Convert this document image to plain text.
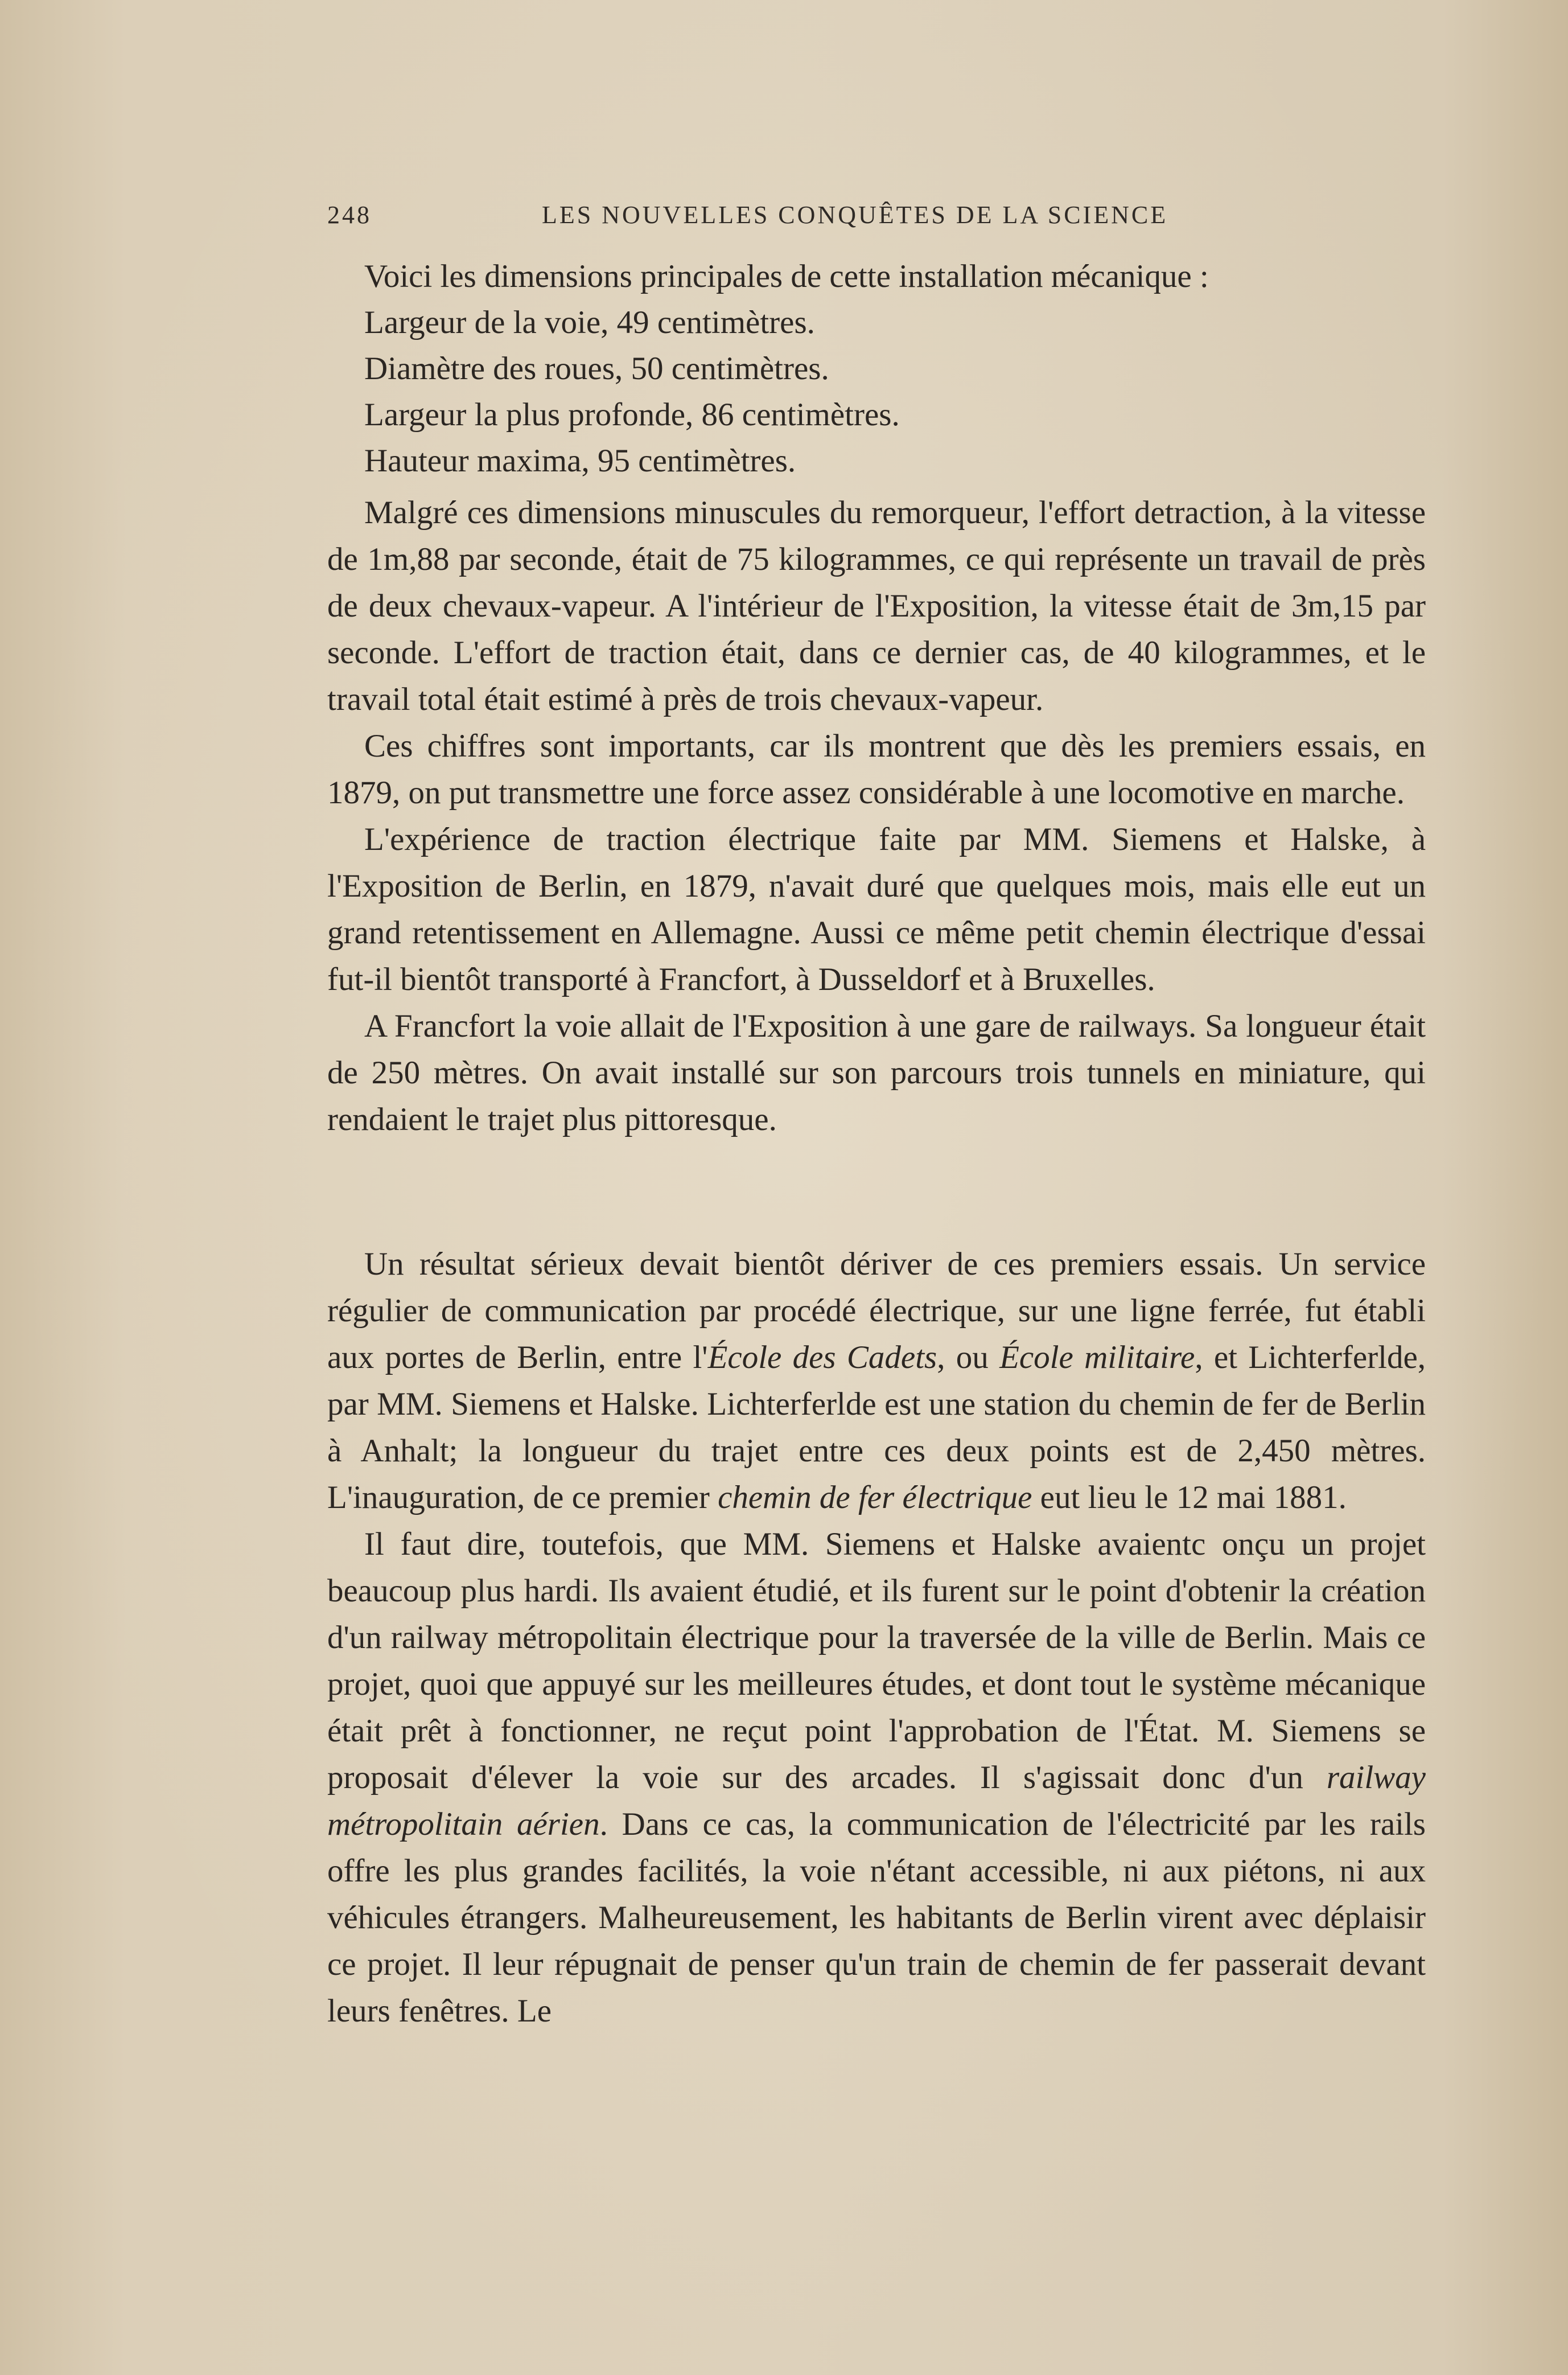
248	LES NOUVELLES CONQUÊTES DE LA SCIENCE
Voici les dimensions principales de cette installation mécanique :
Largeur de la voie, 49 centimètres.
Diamètre des roues, 50 centimètres.
Largeur la plus profonde, 86 centimètres.
Hauteur maxima, 95 centimètres.

Malgré ces dimensions minuscules du remorqueur, l'effort detraction, à la vitesse de 1m,88 par seconde, était de 75 kilogrammes, ce qui représente un travail de près de deux chevaux-vapeur. A l'intérieur de l'Exposition, la vitesse était de 3m,15 par seconde. L'effort de traction était, dans ce dernier cas, de 40 kilogrammes, et le travail total était estimé à près de trois chevaux-vapeur.

Ces chiffres sont importants, car ils montrent que dès les premiers essais, en 1879, on put transmettre une force assez considérable à une locomotive en marche.

L'expérience de traction électrique faite par MM. Siemens et Halske, à l'Exposition de Berlin, en 1879, n'avait duré que quelques mois, mais elle eut un grand retentissement en Allemagne. Aussi ce même petit chemin électrique d'essai fut-il bientôt transporté à Francfort, à Dusseldorf et à Bruxelles.

A Francfort la voie allait de l'Exposition à une gare de railways. Sa longueur était de 250 mètres. On avait installé sur son parcours trois tunnels en miniature, qui rendaient le trajet plus pittoresque.

Un résultat sérieux devait bientôt dériver de ces premiers essais. Un service régulier de communication par procédé électrique, sur une ligne ferrée, fut établi aux portes de Berlin, entre l'École des Cadets, ou École militaire, et Lichterferlde, par MM. Siemens et Halske. Lichterferlde est une station du chemin de fer de Berlin à Anhalt; la longueur du trajet entre ces deux points est de 2,450 mètres. L'inauguration, de ce premier chemin de fer électrique eut lieu le 12 mai 1881.

Il faut dire, toutefois, que MM. Siemens et Halske avaientc onçu un projet beaucoup plus hardi. Ils avaient étudié, et ils furent sur le point d'obtenir la création d'un railway métropolitain électrique pour la traversée de la ville de Berlin. Mais ce projet, quoi que appuyé sur les meilleures études, et dont tout le système mécanique était prêt à fonctionner, ne reçut point l'approbation de l'État. M. Siemens se proposait d'élever la voie sur des arcades. Il s'agissait donc d'un railway métropolitain aérien. Dans ce cas, la communication de l'électricité par les rails offre les plus grandes facilités, la voie n'étant accessible, ni aux piétons, ni aux véhicules étrangers. Malheureusement, les habitants de Berlin virent avec déplaisir ce projet. Il leur répugnait de penser qu'un train de chemin de fer passerait devant leurs fenêtres. Le
